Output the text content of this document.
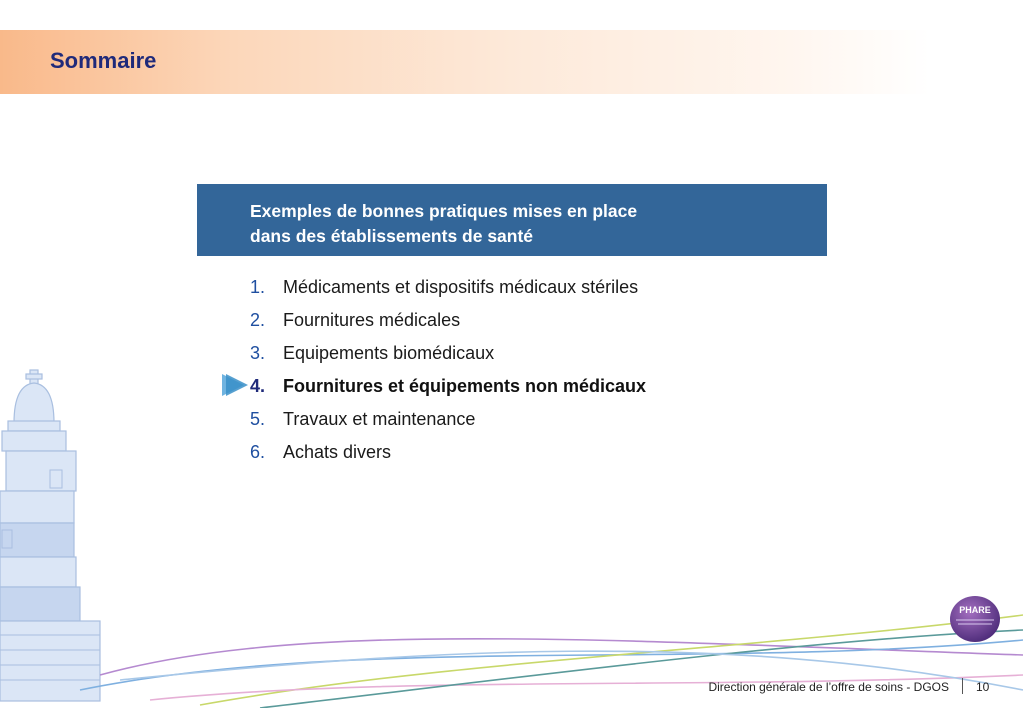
Sommaire
Exemples de bonnes pratiques mises en place
dans des établissements de santé
1. Médicaments et dispositifs médicaux stériles
2. Fournitures médicales
3. Equipements biomédicaux
4. Fournitures et équipements non médicaux
5. Travaux et maintenance
6. Achats divers
PHARE
Direction générale de l’offre de soins - DGOS 10
